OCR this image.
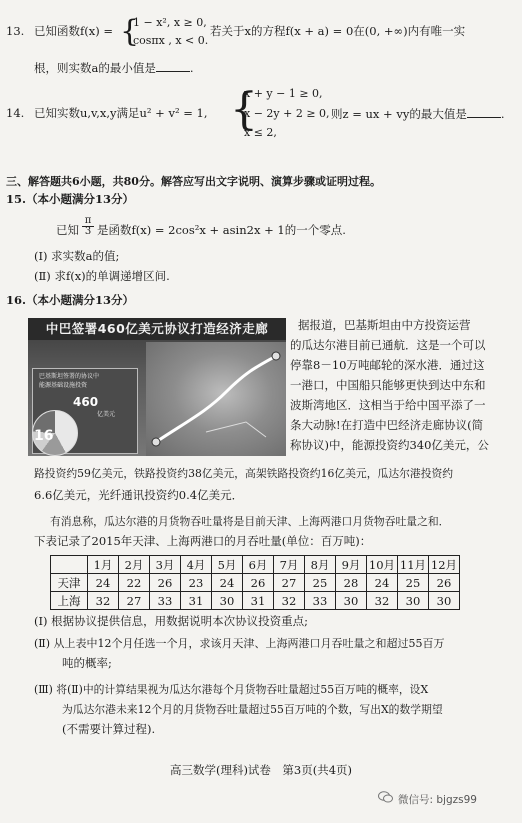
13. 已知函数f(x) = {
1 − x², x ≥ 0,
cosπx , x < 0.
若关于x的方程f(x + a) = 0在(0, +∞)内有唯一实
根，则实数a的最小值是	.
14. 已知实数u,v,x,y满足u² + v² = 1, {
x + y − 1 ≥ 0,
x − 2y + 2 ≥ 0,
x ≤ 2,
则z = ux + vy的最大值是	.
三、解答题共6小题，共80分。解答应写出文字说明、演算步骤或证明过程。
15.（本小题满分13分）
已知 $\frac{\pi}{3}$ 是函数f(x) = 2cos²x + asin2x + 1的一个零点.
(Ⅰ) 求实数a的值;
(Ⅱ) 求f(x)的单调递增区间.
16.（本小题满分13分）
中巴签署460亿美元协议打造经济走廊
巴基斯坦签署的协议中
能源基础设施投资
460
亿美元
16
据报道，巴基斯坦由中方投资运营
的瓜达尔港目前已通航．这是一个可以
停靠8－10万吨邮轮的深水港．通过这
一港口，中国船只能够更快到达中东和
波斯湾地区．这相当于给中国平添了一
条大动脉!在打造中巴经济走廊协议(简
称协议)中，能源投资约340亿美元，公
路投资约59亿美元，铁路投资约38亿美元，高架铁路投资约16亿美元，瓜达尔港投资约
6.6亿美元，光纤通讯投资约0.4亿美元．
有消息称，瓜达尔港的月货物吞吐量将是目前天津、上海两港口月货物吞吐量之和．
下表记录了2015年天津、上海两港口的月吞吐量(单位：百万吨)：
	1月	2月	3月	4月	5月	6月	7月	8月	9月	10月	11月	12月
天津	24	22	26	23	24	26	27	25	28	24	25	26
上海	32	27	33	31	30	31	32	33	30	32	30	30
(Ⅰ) 根据协议提供信息，用数据说明本次协议投资重点;
(Ⅱ) 从上表中12个月任选一个月，求该月天津、上海两港口月吞吐量之和超过55百万
吨的概率;
(Ⅲ) 将(Ⅱ)中的计算结果视为瓜达尔港每个月货物吞吐量超过55百万吨的概率，设X
为瓜达尔港未来12个月的月货物吞吐量超过55百万吨的个数，写出X的数学期望
(不需要计算过程).
高三数学(理科)试卷　第3页(共4页)
微信号: bjgzs99
